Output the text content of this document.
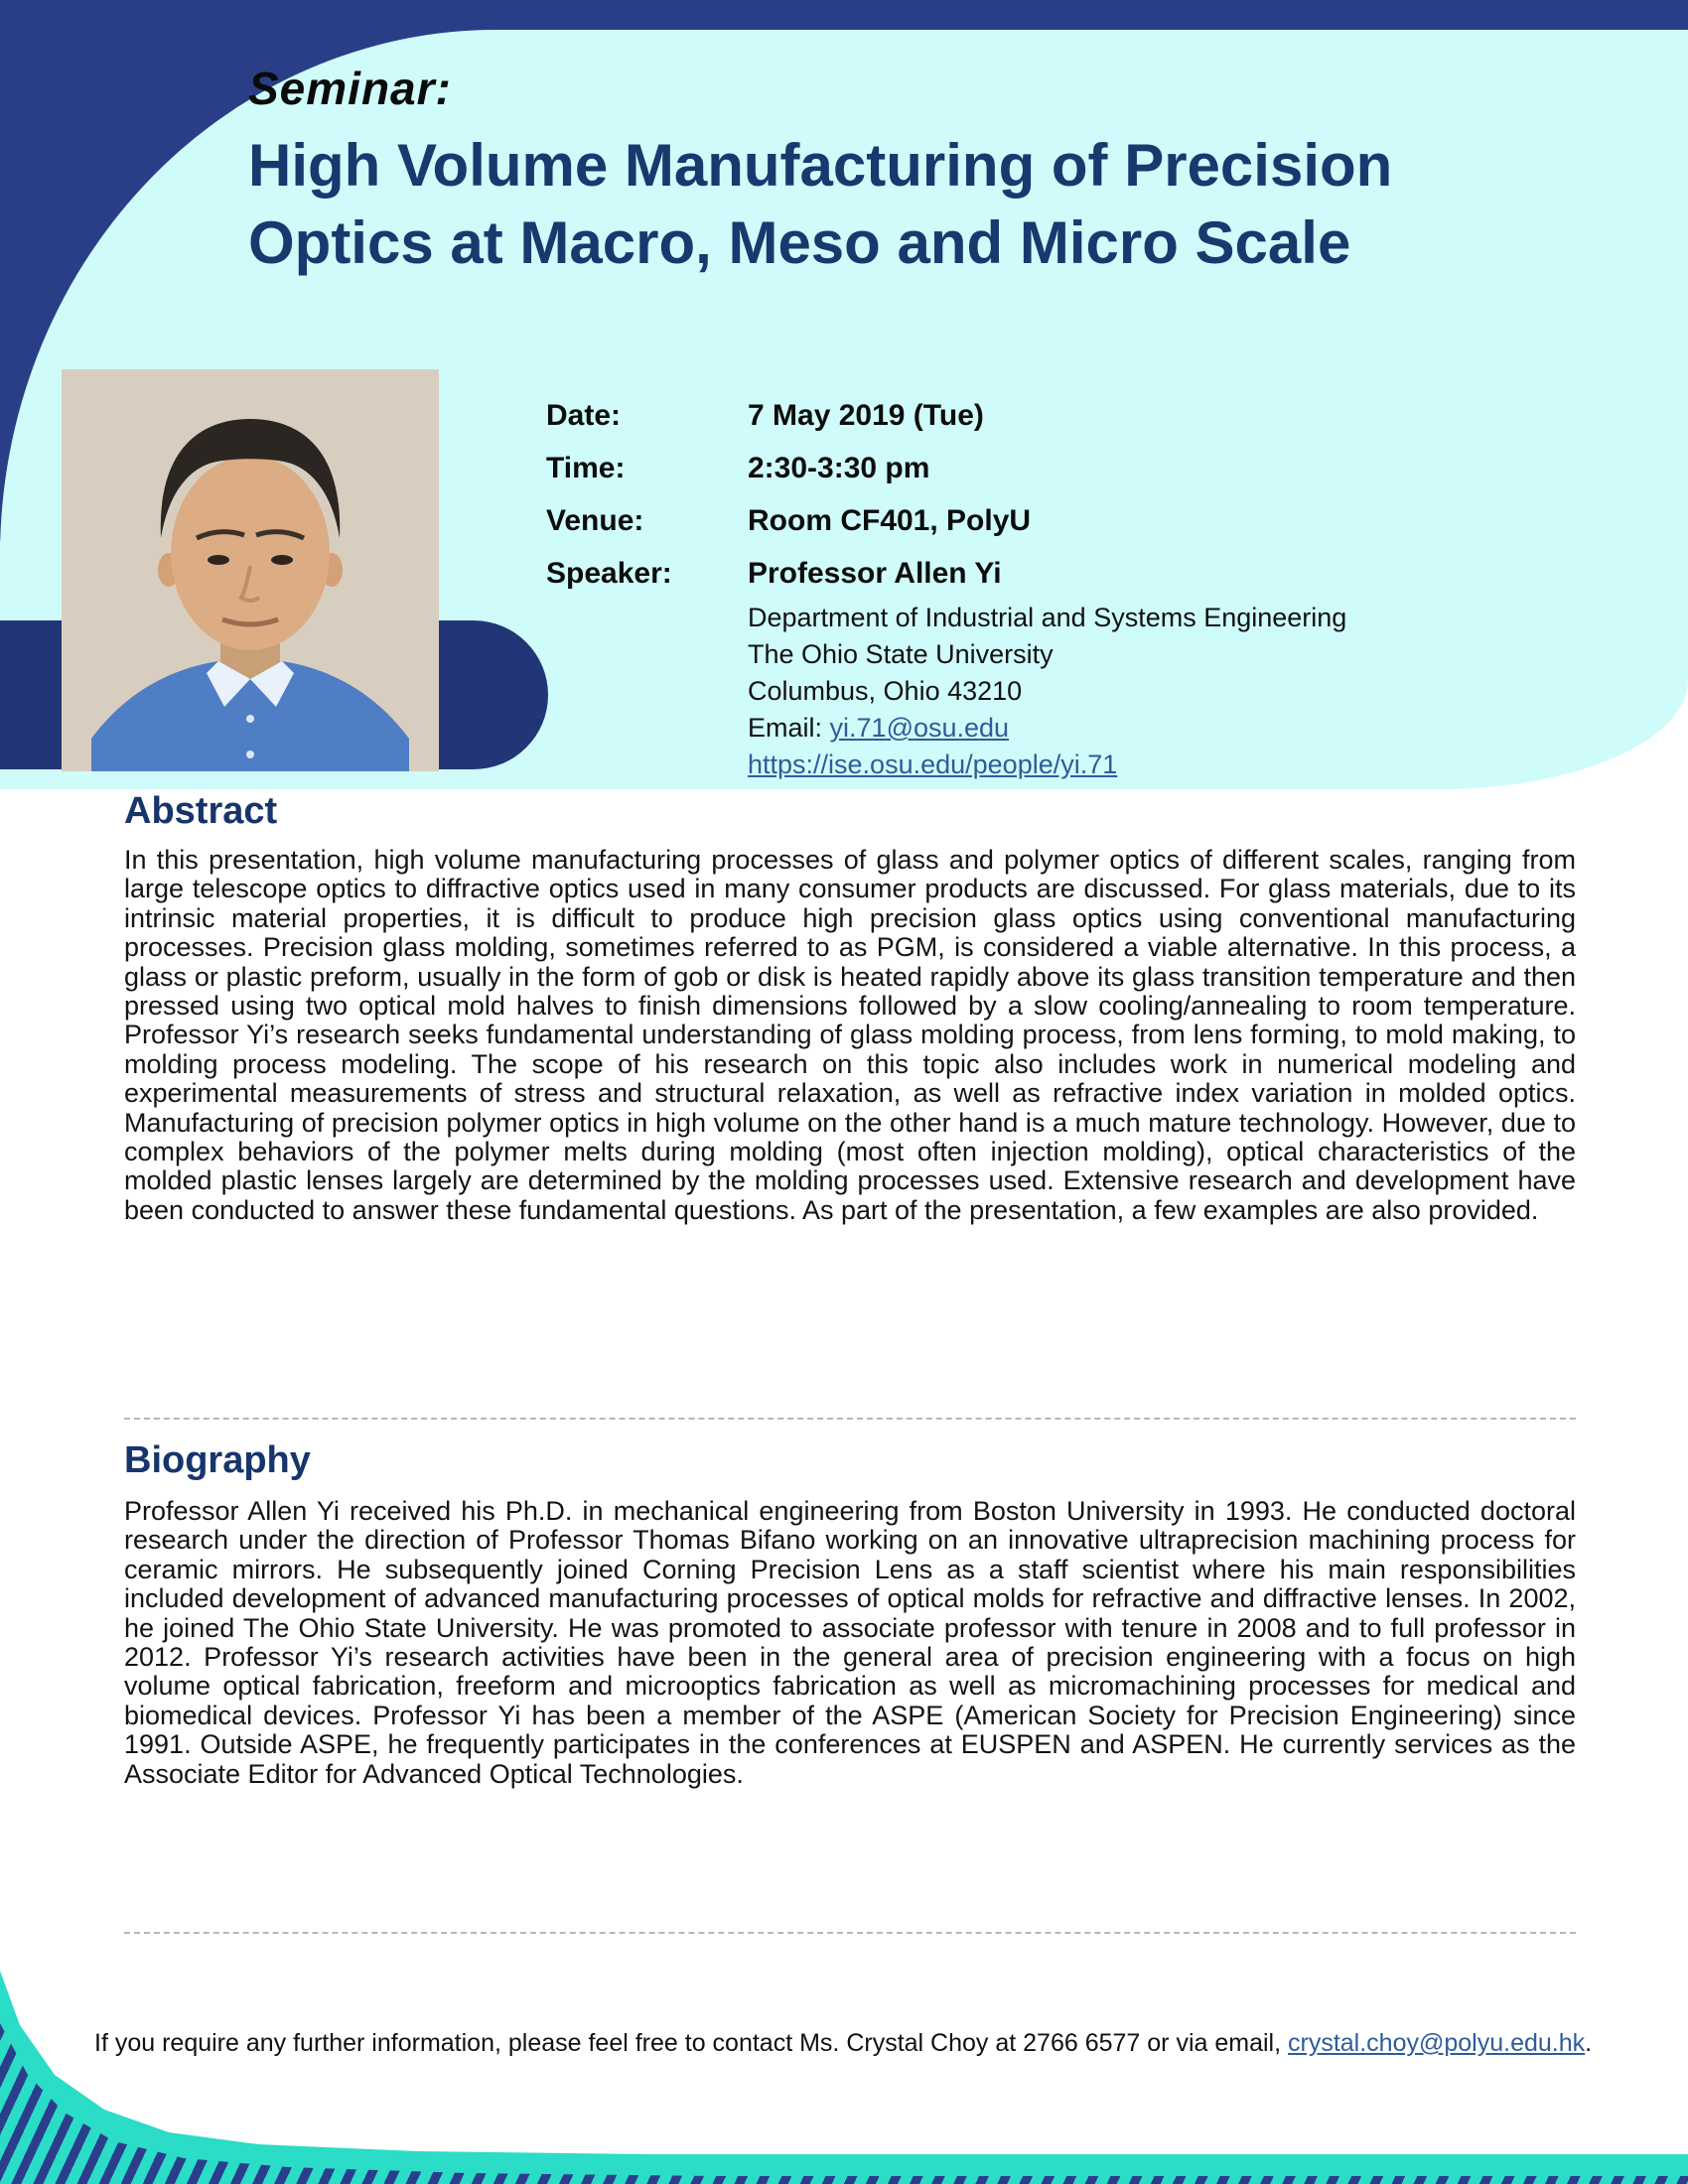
Seminar:
High Volume Manufacturing of Precision
Optics at Macro, Meso and Micro Scale
Date:	7 May 2019 (Tue)
Time:	2:30-3:30 pm
Venue:	Room CF401, PolyU
Speaker:	Professor Allen Yi
Department of Industrial and Systems Engineering
The Ohio State University
Columbus, Ohio 43210
Email: yi.71@osu.edu
https://ise.osu.edu/people/yi.71
Abstract
In this presentation, high volume manufacturing processes of glass and polymer optics of different scales, ranging from large telescope optics to diffractive optics used in many consumer products are discussed. For glass materials, due to its intrinsic material properties, it is difficult to produce high precision glass optics using conventional manufacturing processes. Precision glass molding, sometimes referred to as PGM, is considered a viable alternative. In this process, a glass or plastic preform, usually in the form of gob or disk is heated rapidly above its glass transition temperature and then pressed using two optical mold halves to finish dimensions followed by a slow cooling/annealing to room temperature. Professor Yi’s research seeks fundamental understanding of glass molding process, from lens forming, to mold making, to molding process modeling. The scope of his research on this topic also includes work in numerical modeling and experimental measurements of stress and structural relaxation, as well as refractive index variation in molded optics. Manufacturing of precision polymer optics in high volume on the other hand is a much mature technology. However, due to complex behaviors of the polymer melts during molding (most often injection molding), optical characteristics of the molded plastic lenses largely are determined by the molding processes used. Extensive research and development have been conducted to answer these fundamental questions. As part of the presentation, a few examples are also provided.
Biography
Professor Allen Yi received his Ph.D. in mechanical engineering from Boston University in 1993. He conducted doctoral research under the direction of Professor Thomas Bifano working on an innovative ultraprecision machining process for ceramic mirrors. He subsequently joined Corning Precision Lens as a staff scientist where his main responsibilities included development of advanced manufacturing processes of optical molds for refractive and diffractive lenses. In 2002, he joined The Ohio State University. He was promoted to associate professor with tenure in 2008 and to full professor in 2012. Professor Yi’s research activities have been in the general area of precision engineering with a focus on high volume optical fabrication, freeform and microoptics fabrication as well as micromachining processes for medical and biomedical devices. Professor Yi has been a member of the ASPE (American Society for Precision Engineering) since 1991. Outside ASPE, he frequently participates in the conferences at EUSPEN and ASPEN. He currently services as the Associate Editor for Advanced Optical Technologies.
If you require any further information, please feel free to contact Ms. Crystal Choy at 2766 6577 or via email, crystal.choy@polyu.edu.hk.
